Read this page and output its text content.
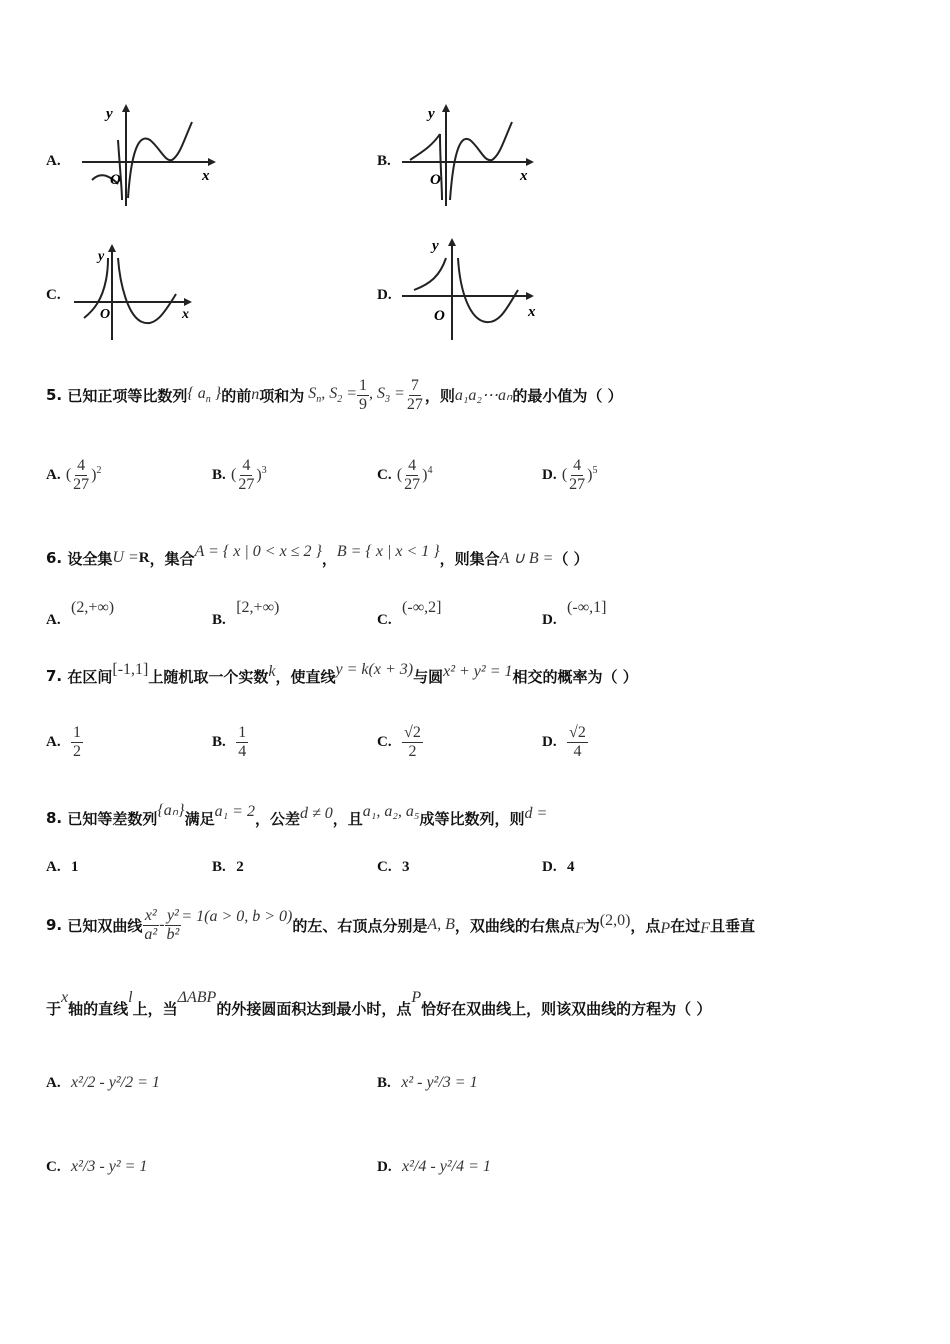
A.
y
O	x
B.
y
O	x
C.
y
O	x
D.
y
O	x
5.
已知正项等比数列 { $a_n$ } 的前 n 项和为 $S_n$, $S_2 = \frac{1}{9}$ , $S_3 = \frac{7}{27}$ ，则 a₁a₂⋯aₙ 的最小值为（ ）
A.
( $\frac{4}{27} )^2$	B.
( $\frac{4}{27} )^3$	C.
( $\frac{4}{27} )^4$	D.
( $\frac{4}{27} )^5$
6.
设全集 U = R ，集合 A = { x | 0 < x ≤ 2 } ， B = { x | x < 1 } ，则集合 A ∪ B = （ ）
A.  (2,+∞)
B.  [2,+∞)
C.  (-∞,2]
D.  (-∞,1]
7.
在区间 [-1,1] 上随机取一个实数 k ，使直线 y = k(x + 3) 与圆 x² + y² = 1 相交的概率为（ ）
A.
$\frac{1}{2}$	B.
$\frac{1}{4}$	C.
$\frac{√2}{2}$	D.
$\frac{√2}{4}$
8.
已知等差数列 {aₙ} 满足 a₁ = 2 ，公差 d ≠ 0 ，且 a₁, a₂, a₅ 成等比数列，则 d =
A. 1	B. 2	C. 3	D. 4
9.
已知双曲线 $\frac{\text{x²}}{\text{a²}} - \frac{\text{y²}}{\text{b²}} = 1(a > 0$, b > 0) 的左、右顶点分别是 A, B ，双曲线的右焦点 F 为 (2,0) ，点 P 在过 F 且垂直
于
x
轴的直线
l
上，当
ΔABP
的外接圆面积达到最小时，点
P
恰好在双曲线上，则该双曲线的方程为（ ）
A.
x²/2 - y²/2 = 1	B.
x² - y²/3 = 1
C.
x²/3 - y² = 1	D.
x²/4 - y²/4 = 1
